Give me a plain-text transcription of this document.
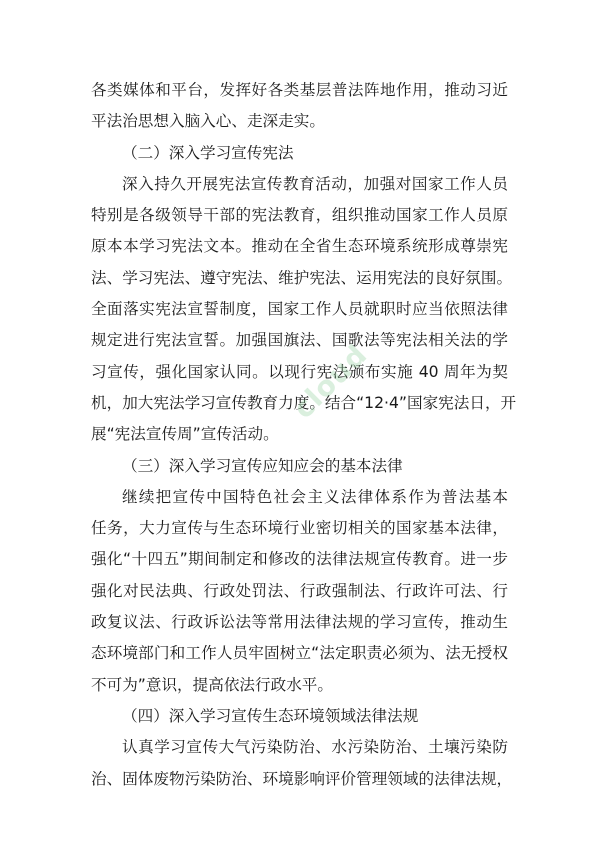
各类媒体和平台，发挥好各类基层普法阵地作用，推动习近
平法治思想入脑入心、走深走实。
（二）深入学习宣传宪法
深入持久开展宪法宣传教育活动，加强对国家工作人员
特别是各级领导干部的宪法教育，组织推动国家工作人员原
原本本学习宪法文本。推动在全省生态环境系统形成尊崇宪
法、学习宪法、遵守宪法、维护宪法、运用宪法的良好氛围。
全面落实宪法宣誓制度，国家工作人员就职时应当依照法律
规定进行宪法宣誓。加强国旗法、国歌法等宪法相关法的学
习宣传，强化国家认同。以现行宪法颁布实施 40 周年为契
机，加大宪法学习宣传教育力度。结合“12·4”国家宪法日，开
展“宪法宣传周”宣传活动。
（三）深入学习宣传应知应会的基本法律
继续把宣传中国特色社会主义法律体系作为普法基本
任务，大力宣传与生态环境行业密切相关的国家基本法律，
强化“十四五”期间制定和修改的法律法规宣传教育。进一步
强化对民法典、行政处罚法、行政强制法、行政许可法、行
政复议法、行政诉讼法等常用法律法规的学习宣传，推动生
态环境部门和工作人员牢固树立“法定职责必须为、法无授权
不可为”意识，提高依法行政水平。
（四）深入学习宣传生态环境领域法律法规
认真学习宣传大气污染防治、水污染防治、土壤污染防
治、固体废物污染防治、环境影响评价管理领域的法律法规，
cloud
